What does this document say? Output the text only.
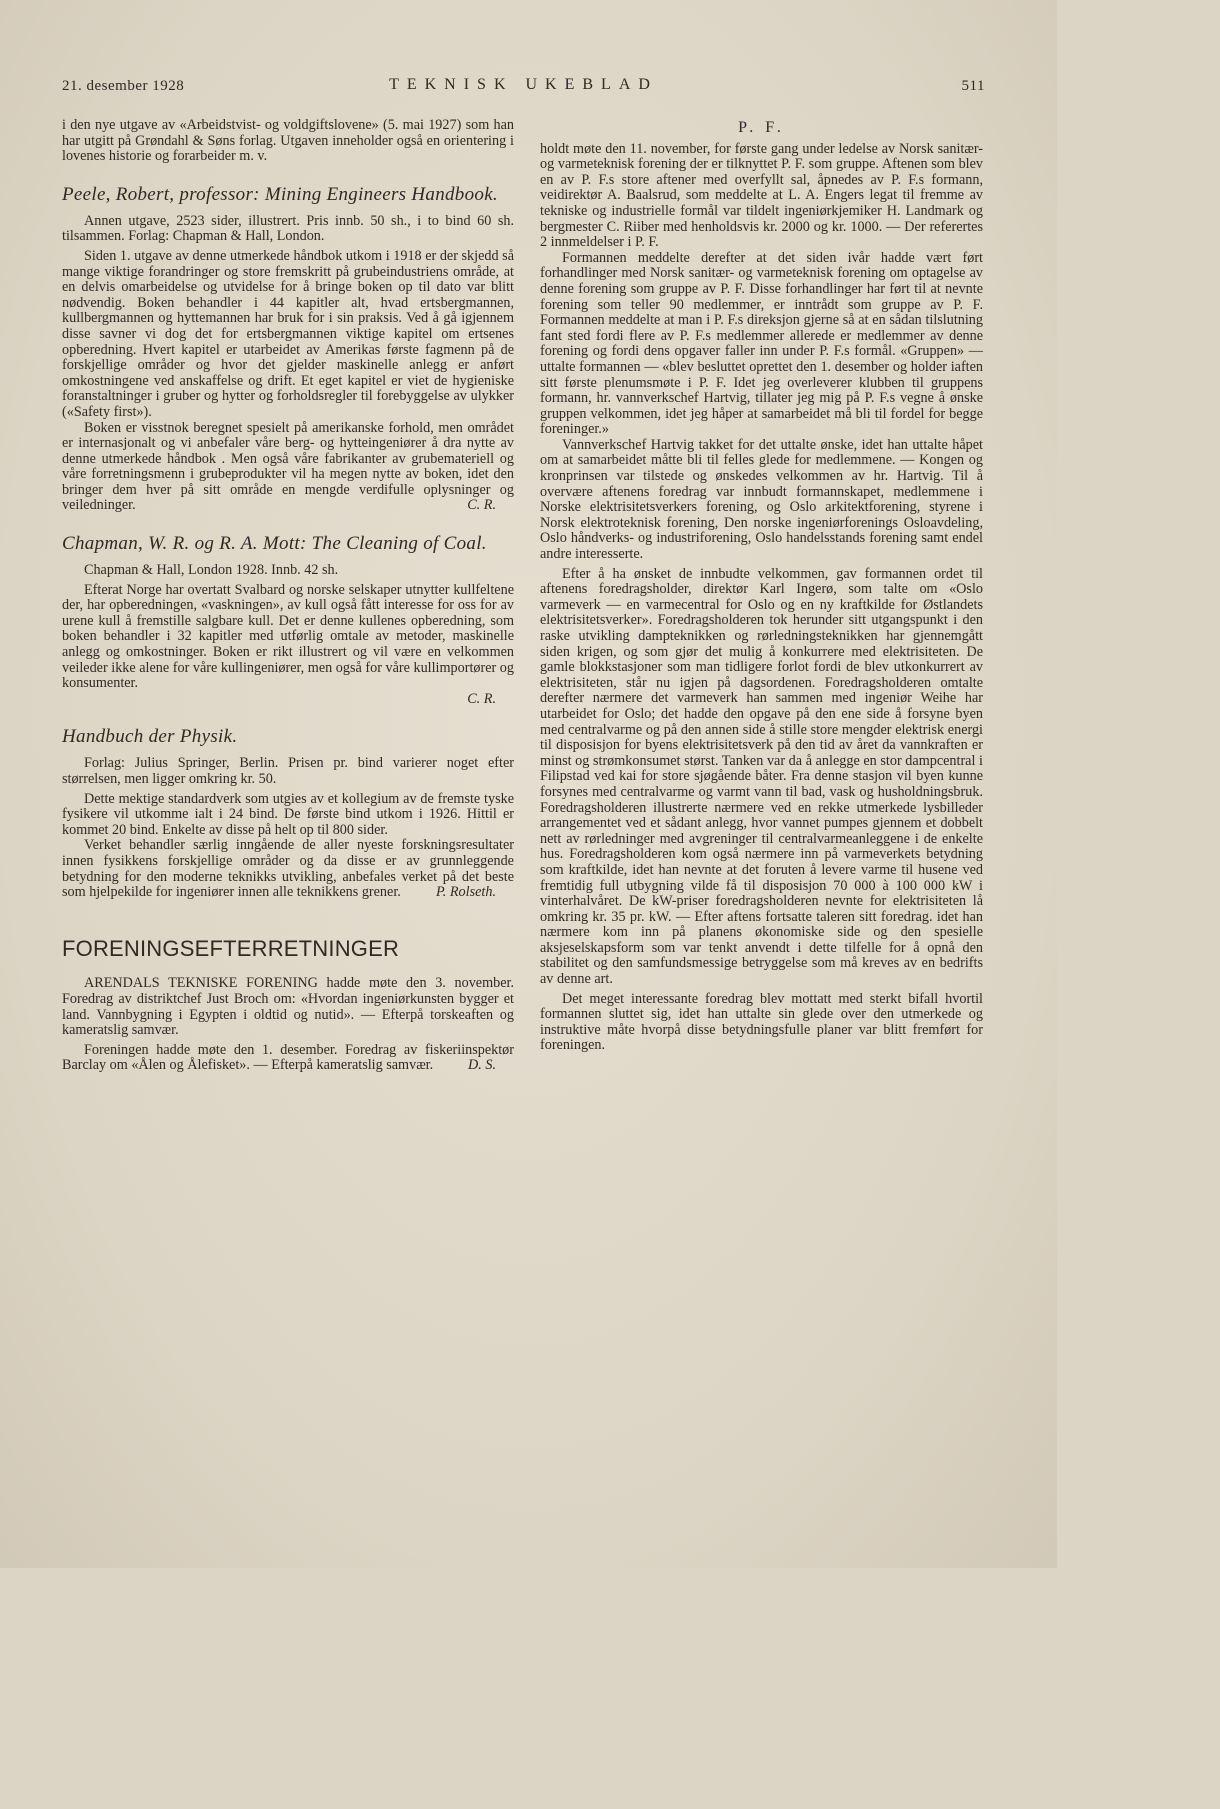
21. desember 1928	TEKNISK UKEBLAD	511

i den nye utgave av «Arbeidstvist- og voldgiftslovene» (5. mai 1927) som han har utgitt på Grøndahl & Søns forlag. Utgaven inneholder også en orientering i lovenes historie og forarbeider m. v.

Peele, Robert, professor: Mining Engineers Handbook.

Annen utgave, 2523 sider, illustrert. Pris innb. 50 sh., i to bind 60 sh. tilsammen. Forlag: Chapman & Hall, London.

Siden 1. utgave av denne utmerkede håndbok utkom i 1918 er der skjedd så mange viktige forandringer og store fremskritt på grubeindustriens område, at en delvis omarbeidelse og utvidelse for å bringe boken op til dato var blitt nødvendig. Boken behandler i 44 kapitler alt, hvad ertsbergmannen, kullbergmannen og hyttemannen har bruk for i sin praksis. Ved å gå igjennem disse savner vi dog det for ertsbergmannen viktige kapitel om ertsenes opberedning. Hvert kapitel er utarbeidet av Amerikas første fagmenn på de forskjellige områder og hvor det gjelder maskinelle anlegg er anført omkostningene ved anskaffelse og drift. Et eget kapitel er viet de hygieniske foranstaltninger i gruber og hytter og forholdsregler til forebyggelse av ulykker («Safety first»).

Boken er visstnok beregnet spesielt på amerikanske forhold, men området er internasjonalt og vi anbefaler våre berg- og hytteingeniører å dra nytte av denne utmerkede håndbok . Men også våre fabrikanter av grubemateriell og våre forretningsmenn i grubeprodukter vil ha megen nytte av boken, idet den bringer dem hver på sitt område en mengde verdifulle oplysninger og veiledninger.	C. R.

Chapman, W. R. og R. A. Mott: The Cleaning of Coal.

Chapman & Hall, London 1928. Innb. 42 sh.

Efterat Norge har overtatt Svalbard og norske selskaper utnytter kullfeltene der, har opberedningen, «vaskningen», av kull også fått interesse for oss for av urene kull å fremstille salgbare kull. Det er denne kullenes opberedning, som boken behandler i 32 kapitler med utførlig omtale av metoder, maskinelle anlegg og omkostninger. Boken er rikt illustrert og vil være en velkommen veileder ikke alene for våre kullingeniører, men også for våre kullimportører og konsumenter.

C. R.
Handbuch der Physik.

Forlag: Julius Springer, Berlin. Prisen pr. bind varierer noget efter størrelsen, men ligger omkring kr. 50.

Dette mektige standardverk som utgies av et kollegium av de fremste tyske fysikere vil utkomme ialt i 24 bind. De første bind utkom i 1926. Hittil er kommet 20 bind. Enkelte av disse på helt op til 800 sider.

Verket behandler særlig inngående de aller nyeste forskningsresultater innen fysikkens forskjellige områder og da disse er av grunnleggende betydning for den moderne teknikks utvikling, anbefales verket på det beste som hjelpekilde for ingeniører innen alle teknikkens grener.	P. Rolseth.

FORENINGSEFTERRETNINGER

ARENDALS TEKNISKE FORENING hadde møte den 3. november. Foredrag av distriktchef Just Broch om: «Hvordan ingeniørkunsten bygger et land. Vannbygning i Egypten i oldtid og nutid». — Efterpå torskeaften og kameratslig samvær.

Foreningen hadde møte den 1. desember. Foredrag av fiskeriinspektør Barclay om «Ålen og Ålefisket». — Efterpå kameratslig samvær.	D. S.

P. F.

holdt møte den 11. november, for første gang under ledelse av Norsk sanitær- og varmeteknisk forening der er tilknyttet P. F. som gruppe. Aftenen som blev en av P. F.s store aftener med overfyllt sal, åpnedes av P. F.s formann, veidirektør A. Baalsrud, som meddelte at L. A. Engers legat til fremme av tekniske og industrielle formål var tildelt ingeniørkjemiker H. Landmark og bergmester C. Riiber med henholdsvis kr. 2000 og kr. 1000. — Der referertes 2 innmeldelser i P. F.

Formannen meddelte derefter at det siden ivår hadde vært ført forhandlinger med Norsk sanitær- og varmeteknisk forening om optagelse av denne forening som gruppe av P. F. Disse forhandlinger har ført til at nevnte forening som teller 90 medlemmer, er inntrådt som gruppe av P. F. Formannen meddelte at man i P. F.s direksjon gjerne så at en sådan tilslutning fant sted fordi flere av P. F.s medlemmer allerede er medlemmer av denne forening og fordi dens opgaver faller inn under P. F.s formål. «Gruppen» — uttalte formannen — «blev besluttet oprettet den 1. desember og holder iaften sitt første plenumsmøte i P. F. Idet jeg overleverer klubben til gruppens formann, hr. vannverkschef Hartvig, tillater jeg mig på P. F.s vegne å ønske gruppen velkommen, idet jeg håper at samarbeidet må bli til fordel for begge foreninger.»

Vannverkschef Hartvig takket for det uttalte ønske, idet han uttalte håpet om at samarbeidet måtte bli til felles glede for medlemmene. — Kongen og kronprinsen var tilstede og ønskedes velkommen av hr. Hartvig. Til å overvære aftenens foredrag var innbudt formannskapet, medlemmene i Norske elektrisitetsverkers forening, og Oslo arkitektforening, styrene i Norsk elektroteknisk forening, Den norske ingeniørforenings Osloavdeling, Oslo håndverks- og industriforening, Oslo handelsstands forening samt endel andre interesserte.

Efter å ha ønsket de innbudte velkommen, gav formannen ordet til aftenens foredragsholder, direktør Karl Ingerø, som talte om «Oslo varmeverk — en varmecentral for Oslo og en ny kraftkilde for Østlandets elektrisitetsverker». Foredragsholderen tok herunder sitt utgangspunkt i den raske utvikling dampteknikken og rørledningsteknikken har gjennemgått siden krigen, og som gjør det mulig å konkurrere med elektrisiteten. De gamle blokkstasjoner som man tidligere forlot fordi de blev utkonkurrert av elektrisiteten, står nu igjen på dagsordenen. Foredragsholderen omtalte derefter nærmere det varmeverk han sammen med ingeniør Weihe har utarbeidet for Oslo; det hadde den opgave på den ene side å forsyne byen med centralvarme og på den annen side å stille store mengder elektrisk energi til disposisjon for byens elektrisitetsverk på den tid av året da vannkraften er minst og strømkonsumet størst. Tanken var da å anlegge en stor dampcentral i Filipstad ved kai for store sjøgående båter. Fra denne stasjon vil byen kunne forsynes med centralvarme og varmt vann til bad, vask og husholdningsbruk. Foredragsholderen illustrerte nærmere ved en rekke utmerkede lysbilleder arrangementet ved et sådant anlegg, hvor vannet pumpes gjennem et dobbelt nett av rørledninger med avgreninger til centralvarmeanleggene i de enkelte hus. Foredragsholderen kom også nærmere inn på varmeverkets betydning som kraftkilde, idet han nevnte at det foruten å levere varme til husene ved fremtidig full utbygning vilde få til disposisjon 70 000 à 100 000 kW i vinterhalvåret. De kW-priser foredragsholderen nevnte for elektrisiteten lå omkring kr. 35 pr. kW. — Efter aftens fortsatte taleren sitt foredrag. idet han nærmere kom inn på planens økonomiske side og den spesielle aksjeselskapsform som var tenkt anvendt i dette tilfelle for å opnå den stabilitet og den samfundsmessige betryggelse som må kreves av en bedrifts av denne art.

Det meget interessante foredrag blev mottatt med sterkt bifall hvortil formannen sluttet sig, idet han uttalte sin glede over den utmerkede og instruktive måte hvorpå disse betydningsfulle planer var blitt fremført for foreningen.
